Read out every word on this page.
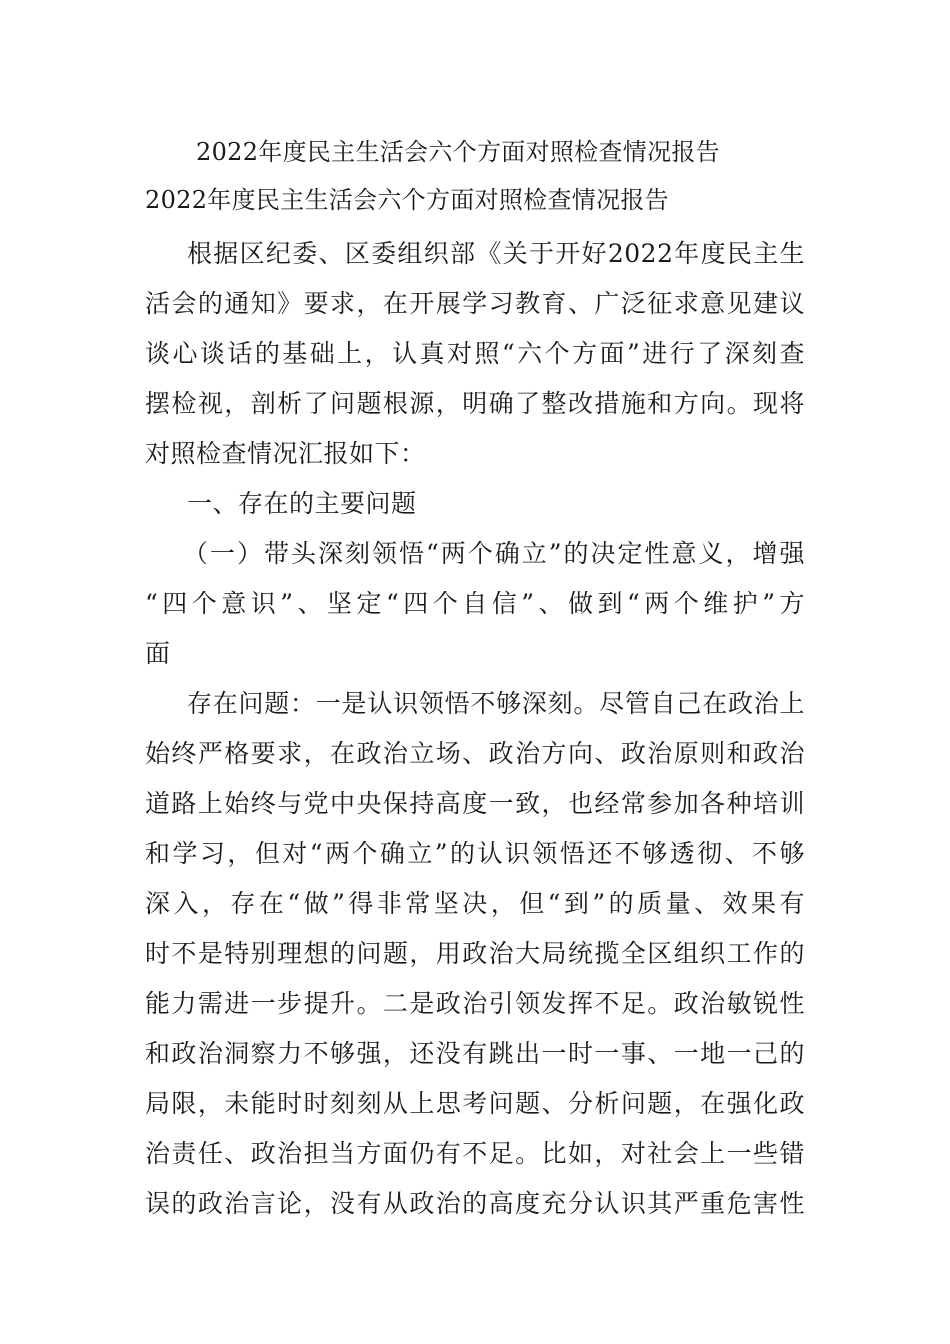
2022年度民主生活会六个方面对照检查情况报告

2022年度民主生活会六个方面对照检查情况报告

根据区纪委、区委组织部《关于开好2022年度民主生

活会的通知》要求，在开展学习教育、广泛征求意见建议

谈心谈话的基础上，认真对照“六个方面”进行了深刻查

摆检视，剖析了问题根源，明确了整改措施和方向。现将

对照检查情况汇报如下：

一、存在的主要问题

（一）带头深刻领悟“两个确立”的决定性意义，增强

“四个意识”、坚定“四个自信”、做到“两个维护”方

面

存在问题：一是认识领悟不够深刻。尽管自己在政治上

始终严格要求，在政治立场、政治方向、政治原则和政治

道路上始终与党中央保持高度一致，也经常参加各种培训

和学习，但对“两个确立”的认识领悟还不够透彻、不够

深入，存在“做”得非常坚决，但“到”的质量、效果有

时不是特别理想的问题，用政治大局统揽全区组织工作的

能力需进一步提升。二是政治引领发挥不足。政治敏锐性

和政治洞察力不够强，还没有跳出一时一事、一地一己的

局限，未能时时刻刻从上思考问题、分析问题，在强化政

治责任、政治担当方面仍有不足。比如，对社会上一些错

误的政治言论，没有从政治的高度充分认识其严重危害性
